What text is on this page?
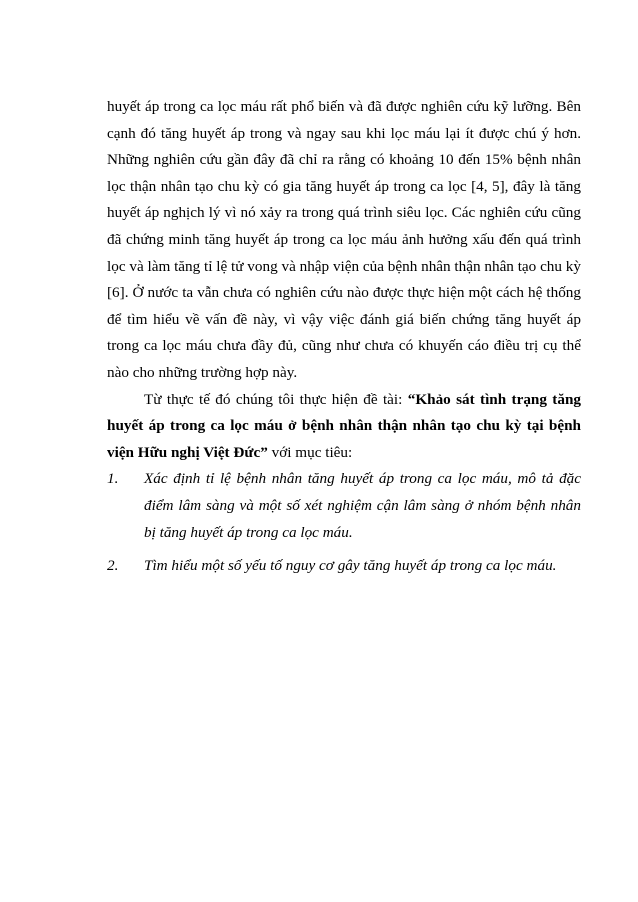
huyết áp trong ca lọc máu rất phổ biến và đã được nghiên cứu kỹ lưỡng. Bên cạnh đó tăng huyết áp trong và ngay sau khi lọc máu lại ít được chú ý hơn. Những nghiên cứu gần đây đã chỉ ra rằng có khoảng 10 đến 15% bệnh nhân lọc thận nhân tạo chu kỳ có gia tăng huyết áp trong ca lọc [4, 5], đây là tăng huyết áp nghịch lý vì nó xảy ra trong quá trình siêu lọc. Các nghiên cứu cũng đã chứng minh tăng huyết áp trong ca lọc máu ảnh hưởng xấu đến quá trình lọc và làm tăng tỉ lệ tử vong và nhập viện của bệnh nhân thận nhân tạo chu kỳ [6]. Ở nước ta vẫn chưa có nghiên cứu nào được thực hiện một cách hệ thống để tìm hiểu về vấn đề này, vì vậy việc đánh giá biến chứng tăng huyết áp trong ca lọc máu chưa đầy đủ, cũng như chưa có khuyến cáo điều trị cụ thể nào cho những trường hợp này.

Từ thực tế đó chúng tôi thực hiện đề tài: “Khảo sát tình trạng tăng huyết áp trong ca lọc máu ở bệnh nhân thận nhân tạo chu kỳ tại bệnh viện Hữu nghị Việt Đức” với mục tiêu:

1.	Xác định tỉ lệ bệnh nhân tăng huyết áp trong ca lọc máu, mô tả đặc điểm lâm sàng và một số xét nghiệm cận lâm sàng ở nhóm bệnh nhân bị tăng huyết áp trong ca lọc máu.
2.	Tìm hiểu một số yếu tố nguy cơ gây tăng huyết áp trong ca lọc máu.
